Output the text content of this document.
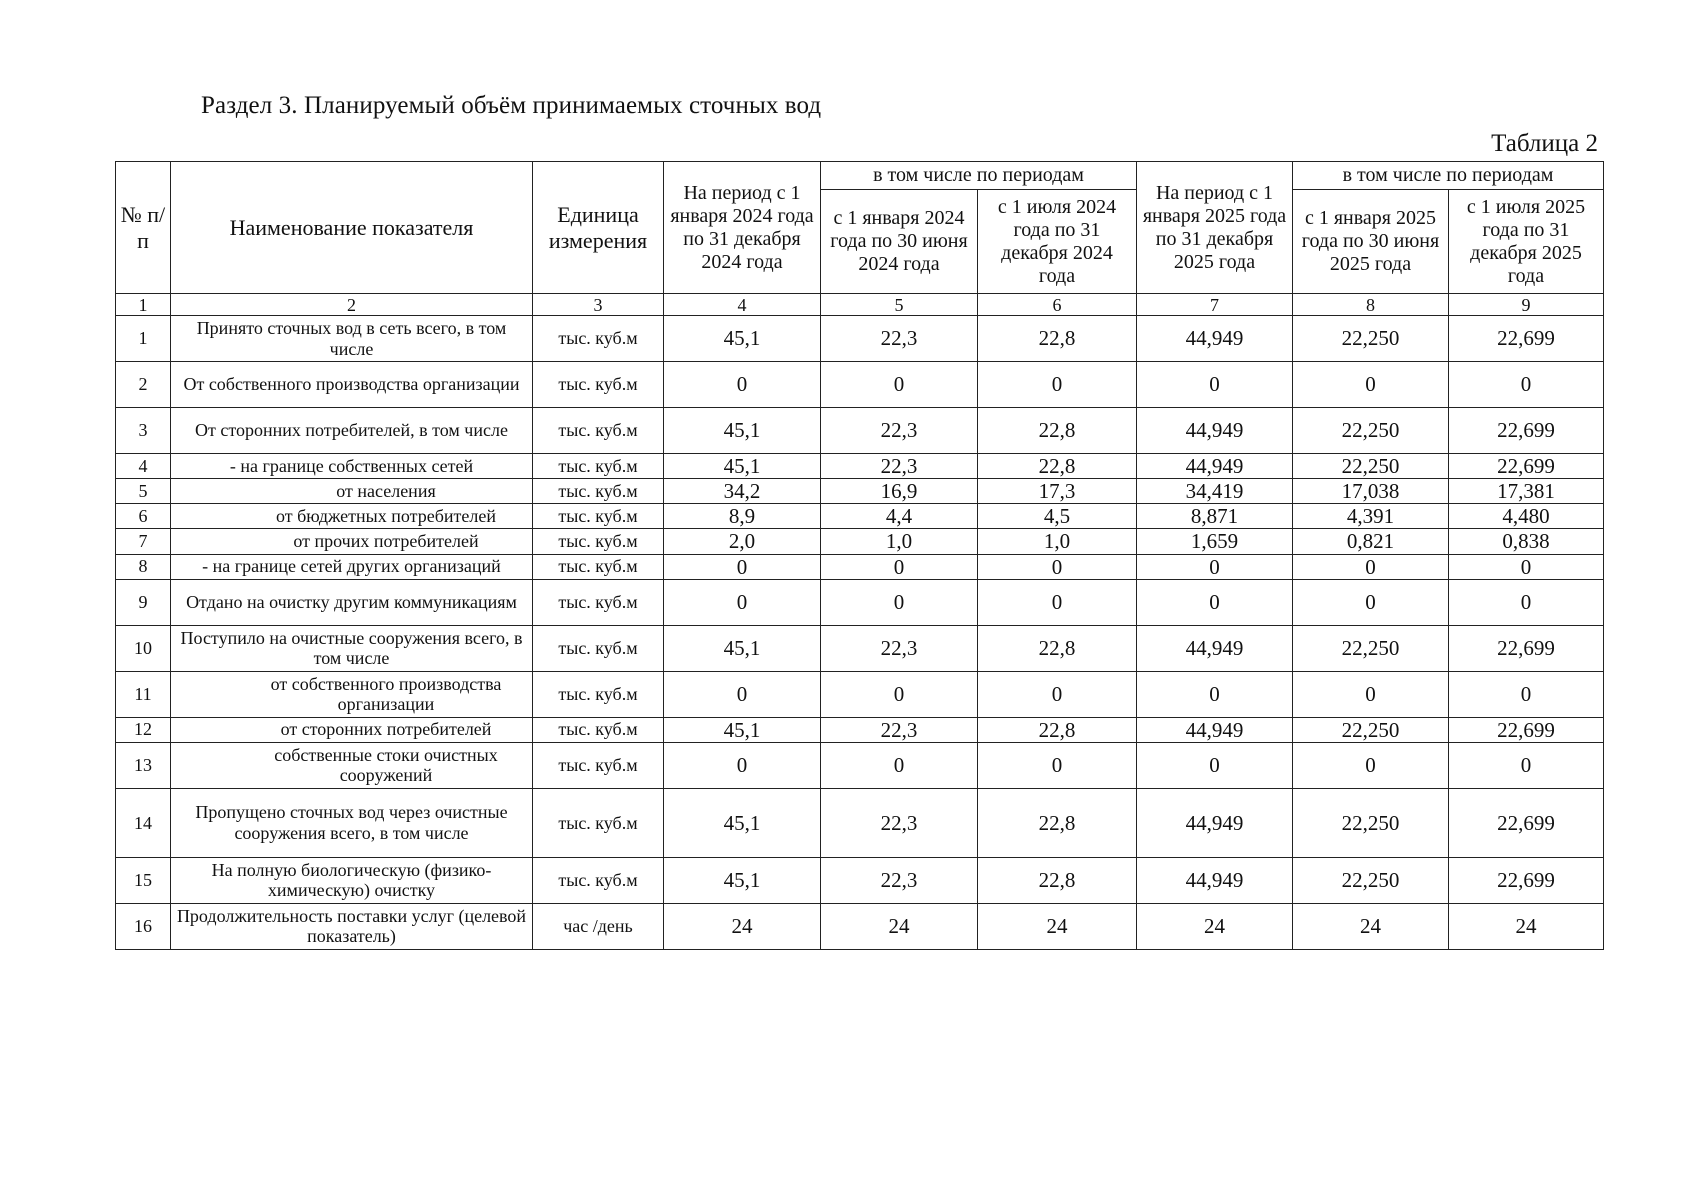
Раздел 3. Планируемый объём принимаемых сточных вод
Таблица 2
№ п/п	Наименование показателя	Единица измерения	На период с 1 января 2024 года по 31 декабря 2024 года	в том числе по периодам		На период с 1 января 2025 года по 31 декабря 2025 года	в том числе по периодам	
				с 1 января 2024 года по 30 июня 2024 года	с 1 июля 2024 года по 31 декабря 2024 года		с 1 января 2025 года по 30 июня 2025 года	с 1 июля 2025 года по 31 декабря 2025 года
1	2	3	4	5	6	7	8	9
1	Принято сточных вод в сеть всего, в том числе	тыс. куб.м	45,1	22,3	22,8	44,949	22,250	22,699
2	От собственного производства организации	тыс. куб.м	0	0	0	0	0	0
3	От сторонних потребителей, в том числе	тыс. куб.м	45,1	22,3	22,8	44,949	22,250	22,699
4	- на границе собственных сетей	тыс. куб.м	45,1	22,3	22,8	44,949	22,250	22,699
5	от населения	тыс. куб.м	34,2	16,9	17,3	34,419	17,038	17,381
6	от бюджетных потребителей	тыс. куб.м	8,9	4,4	4,5	8,871	4,391	4,480
7	от прочих потребителей	тыс. куб.м	2,0	1,0	1,0	1,659	0,821	0,838
8	- на границе сетей других организаций	тыс. куб.м	0	0	0	0	0	0
9	Отдано на очистку другим коммуникациям	тыс. куб.м	0	0	0	0	0	0
10	Поступило на очистные сооружения всего, в том числе	тыс. куб.м	45,1	22,3	22,8	44,949	22,250	22,699
11	от собственного производства организации	тыс. куб.м	0	0	0	0	0	0
12	от сторонних потребителей	тыс. куб.м	45,1	22,3	22,8	44,949	22,250	22,699
13	собственные стоки очистных сооружений	тыс. куб.м	0	0	0	0	0	0
14	Пропущено сточных вод через очистные сооружения всего, в том числе	тыс. куб.м	45,1	22,3	22,8	44,949	22,250	22,699
15	На полную биологическую (физико-химическую) очистку	тыс. куб.м	45,1	22,3	22,8	44,949	22,250	22,699
16	Продолжительность поставки услуг (целевой показатель)	час /день	24	24	24	24	24	24
